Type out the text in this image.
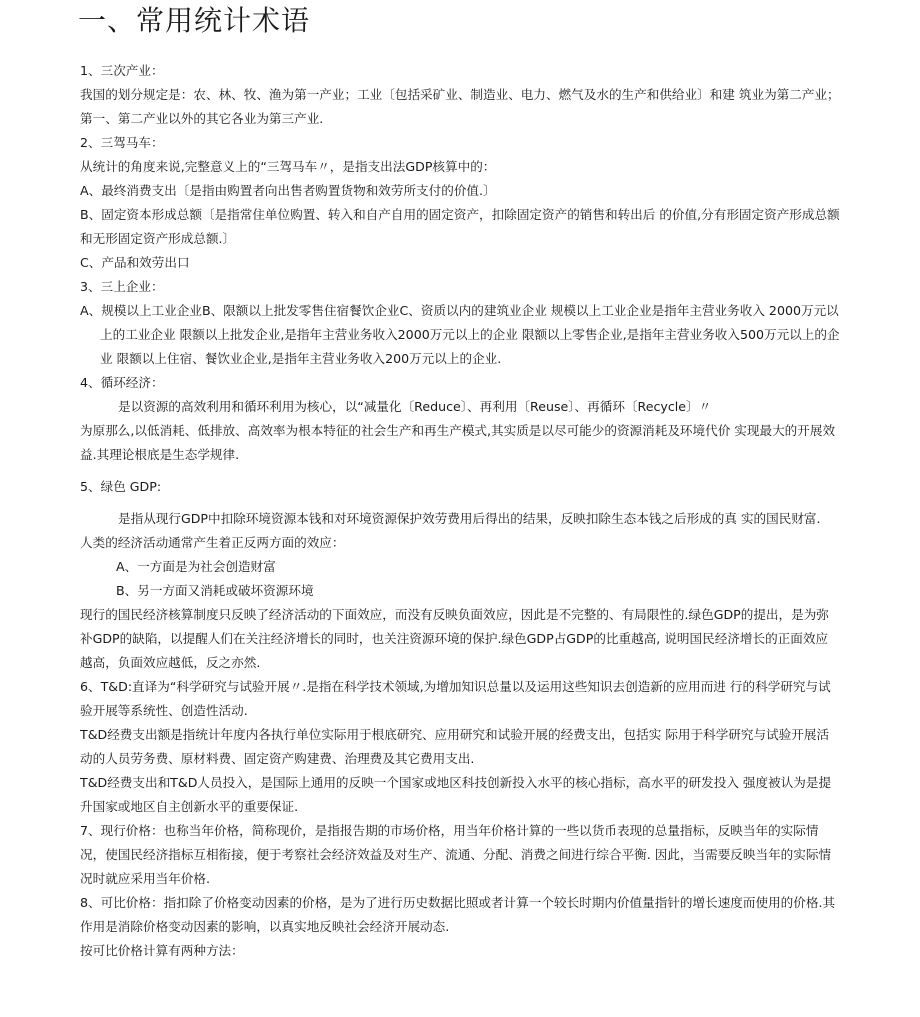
一、常用统计术语

1、三次产业：

我国的划分规定是：农、林、牧、渔为第一产业；工业〔包括采矿业、制造业、电力、燃气及水的生产和供给业〕和建 筑业为第二产业；第一、第二产业以外的其它各业为第三产业.

2、三驾马车：

从统计的角度来说,完整意义上的“三驾马车〃，是指支出法GDP核算中的：

A、最终消费支出〔是指由购置者向出售者购置货物和效劳所支付的价值.〕

B、固定资本形成总额〔是指常住单位购置、转入和自产自用的固定资产，扣除固定资产的销售和转出后 的价值,分有形固定资产形成总额和无形固定资产形成总额.〕

C、产品和效劳出口

3、三上企业：

A、规模以上工业企业B、限额以上批发零售住宿餐饮企业C、资质以内的建筑业企业 规模以上工业企业是指年主营业务收入 2000万元以上的工业企业 限额以上批发企业,是指年主营业务收入2000万元以上的企业 限额以上零售企业,是指年主营业务收入500万元以上的企业 限额以上住宿、餐饮业企业,是指年主营业务收入200万元以上的企业.

4、循环经济：

是以资源的高效利用和循环利用为核心，以“减量化〔Reduce〕、再利用〔Reuse〕、再循环〔Recycle〕〃

为原那么,以低消耗、低排放、高效率为根本特征的社会生产和再生产模式,其实质是以尽可能少的资源消耗及环境代价 实现最大的开展效益.其理论根底是生态学规律.

5、绿色 GDP:

是指从现行GDP中扣除环境资源本钱和对环境资源保护效劳费用后得出的结果，反映扣除生态本钱之后形成的真 实的国民财富.

人类的经济活动通常产生着正反两方面的效应：

A、一方面是为社会创造财富

B、另一方面又消耗或破坏资源环境

现行的国民经济核算制度只反映了经济活动的下面效应，而没有反映负面效应，因此是不完整的、有局限性的.绿色GDP的提出，是为弥补GDP的缺陷，以提醒人们在关注经济增长的同时，也关注资源环境的保护.绿色GDP占GDP的比重越高, 说明国民经济增长的正面效应越高，负面效应越低，反之亦然.

6、T&D:直译为“科学研究与试验开展〃.是指在科学技术领域,为增加知识总量以及运用这些知识去创造新的应用而进 行的科学研究与试验开展等系统性、创造性活动.

T&D经费支出额是指统计年度内各执行单位实际用于根底研究、应用研究和试验开展的经费支出，包括实 际用于科学研究与试验开展活动的人员劳务费、原材料费、固定资产购建费、治理费及其它费用支出.

T&D经费支出和T&D人员投入，是国际上通用的反映一个国家或地区科技创新投入水平的核心指标，高水平的研发投入 强度被认为是提升国家或地区自主创新水平的重要保证.

7、现行价格：也称当年价格，简称现价，是指报告期的市场价格，用当年价格计算的一些以货币表现的总量指标，反映当年的实际情况，使国民经济指标互相衔接，便于考察社会经济效益及对生产、流通、分配、消费之间进行综合平衡. 因此，当需要反映当年的实际情况时就应采用当年价格.

8、可比价格：指扣除了价格变动因素的价格，是为了进行历史数据比照或者计算一个较长时期内价值量指针的增长速度而使用的价格.其作用是消除价格变动因素的影响，以真实地反映社会经济开展动态.

按可比价格计算有两种方法：
